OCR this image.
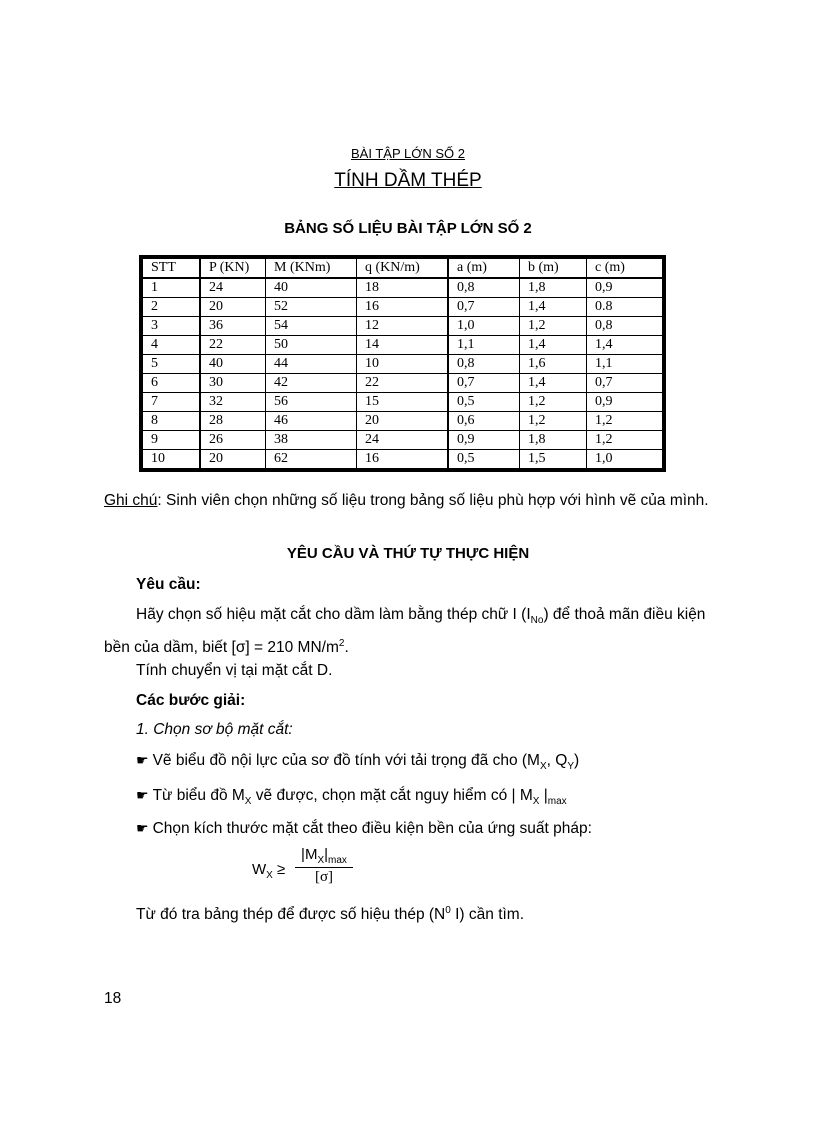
BÀI TẬP LỚN SỐ 2
TÍNH DẦM THÉP
BẢNG SỐ LIỆU BÀI TẬP LỚN SỐ 2
STT	P (KN)	M (KNm)	q (KN/m)	a (m)	b (m)	c (m)
1	24	40	18	0,8	1,8	0,9
2	20	52	16	0,7	1,4	0.8
3	36	54	12	1,0	1,2	0,8
4	22	50	14	1,1	1,4	1,4
5	40	44	10	0,8	1,6	1,1
6	30	42	22	0,7	1,4	0,7
7	32	56	15	0,5	1,2	0,9
8	28	46	20	0,6	1,2	1,2
9	26	38	24	0,9	1,8	1,2
10	20	62	16	0,5	1,5	1,0
Ghi chú: Sinh viên chọn những số liệu trong bảng số liệu phù hợp với hình vẽ của mình.
YÊU CẦU VÀ THỨ TỰ THỰC HIỆN
Yêu cầu:
Hãy chọn số hiệu mặt cắt cho dầm làm bằng thép chữ I $(I_{No})$ để thoả mãn điều kiện bền của dầm, biết [σ] = 210 $MN/m^2$.
Tính chuyển vị tại mặt cắt D.
Các bước giải:
1. Chọn sơ bộ mặt cắt:
☛ Vẽ biểu đồ nội lực của sơ đồ tính với tải trọng đã cho ($M_X$, $Q_Y$)
☛ Từ biểu đồ $M_X$ vẽ được, chọn mặt cắt nguy hiểm có | $M_X$ $|_{max}$
☛ Chọn kích thước mặt cắt theo điều kiện bền của ứng suất pháp:
$W_X$ ≥
$|M_X|_{max}$
[σ]
Từ đó tra bảng thép để được số hiệu thép ($N^0$ I) cần tìm.
18
